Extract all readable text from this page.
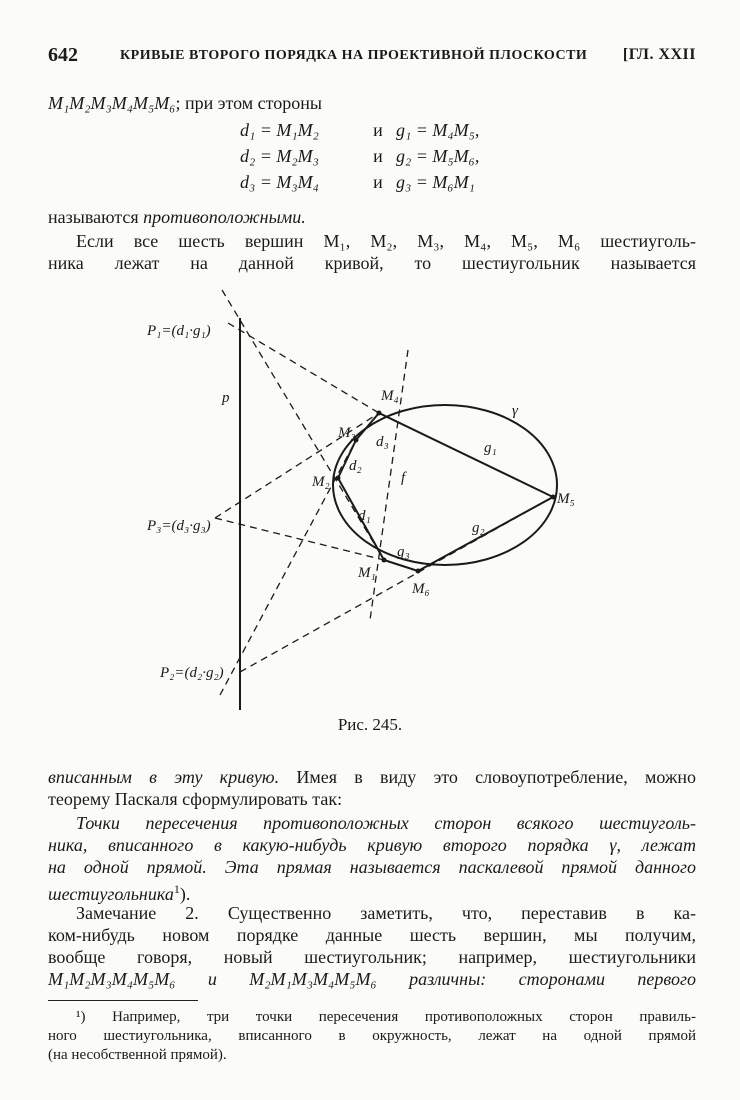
642	КРИВЫЕ ВТОРОГО ПОРЯДКА НА ПРОЕКТИВНОЙ ПЛОСКОСТИ [ГЛ. XXII
M₁M₂M₃M₄M₅M₆; при этом стороны
d₁ = M₁M₂	и g₁ = M₄M₅,
d₂ = M₂M₃	и g₂ = M₅M₆,
d₃ = M₃M₄	и g₃ = M₆M₁
называются противоположными.
Если все шесть вершин M₁, M₂, M₃, M₄, M₅, M₆ шестиуголь-
ника лежат на данной кривой, то шестиугольник называется
P₁=(d₁·g₁)
P₃=(d₃·g₃)
P₂=(d₂·g₂)
p
γ
M₁
M₂
M₃
M₄
M₅
M₆
d₁
d₂
d₃	g₁
g₂
g₃
f
Рис. 245.
вписанным в эту кривую. Имея в виду это словоупотребление, можно
теорему Паскаля сформулировать так:
Точки пересечения противоположных сторон всякого шестиуголь-
ника, вписанного в какую-нибудь кривую второго порядка γ, лежат
на одной прямой. Эта прямая называется паскалевой прямой данного
шестиугольника$^1$).
Замечание 2. Существенно заметить, что, переставив в ка-
ком-нибудь новом порядке данные шесть вершин, мы получим,
вообще говоря, новый шестиугольник; например, шестиугольники
M₁M₂M₃M₄M₅M₆ и M₂M₁M₃M₄M₅M₆ различны: сторонами первого
¹) Например, три точки пересечения противоположных сторон правиль-
ного шестиугольника, вписанного в окружность, лежат на одной прямой
(на несобственной прямой).
